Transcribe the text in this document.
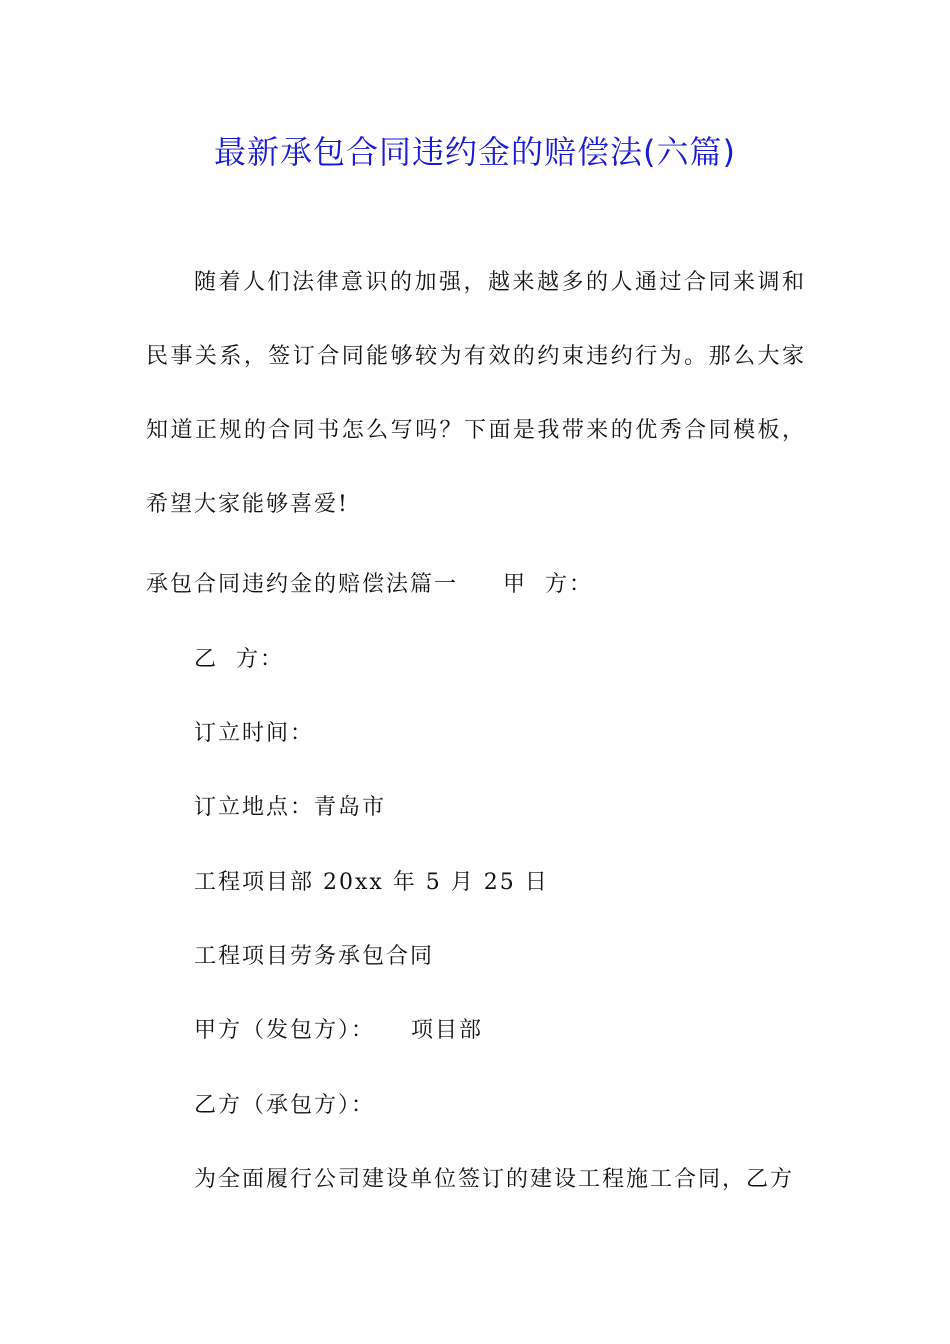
最新承包合同违约金的赔偿法(六篇)

随着人们法律意识的加强，越来越多的人通过合同来调和民事关系，签订合同能够较为有效的约束违约行为。那么大家知道正规的合同书怎么写吗？下面是我带来的优秀合同模板，希望大家能够喜爱!

承包合同违约金的赔偿法篇一     甲  方：
乙  方：
订立时间：
订立地点：青岛市
工程项目部 20xx 年 5 月 25 日
工程项目劳务承包合同
甲方（发包方）：    项目部
乙方（承包方）：
为全面履行公司建设单位签订的建设工程施工合同，乙方
